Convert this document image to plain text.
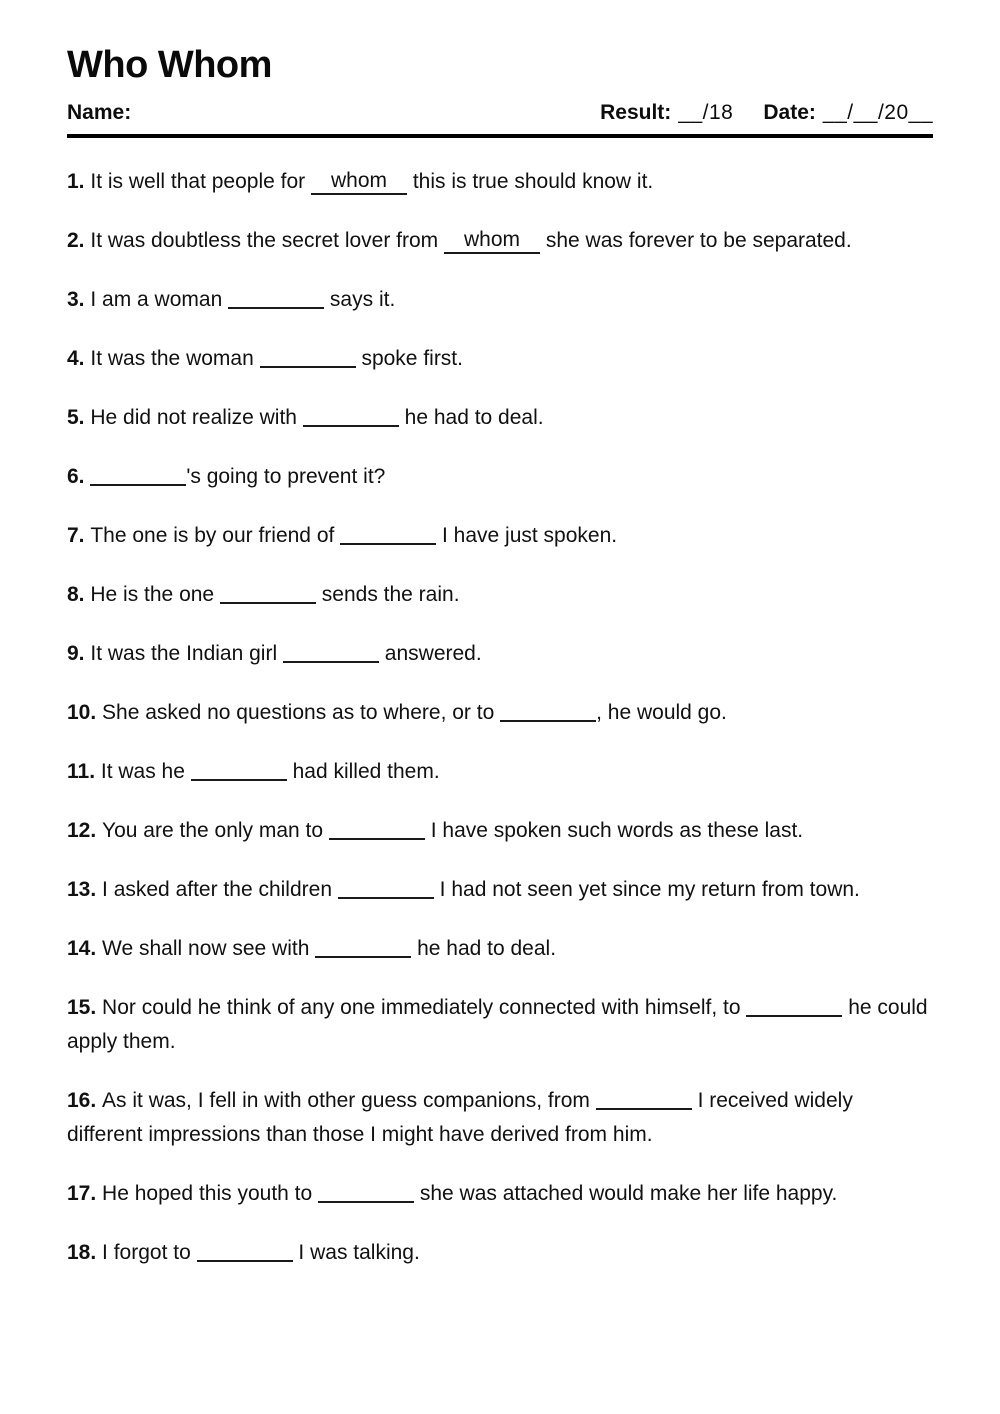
Who Whom
Name:	Result: __/18 Date: __/__/20__

1. It is well that people for whom this is true should know it.

2. It was doubtless the secret lover from whom she was forever to be separated.

3. I am a woman	says it.

4. It was the woman	spoke first.

5. He did not realize with	he had to deal.

6.	's going to prevent it?

7. The one is by our friend of	I have just spoken.

8. He is the one	sends the rain.

9. It was the Indian girl	answered.

10. She asked no questions as to where, or to	, he would go.

11. It was he	had killed them.

12. You are the only man to	I have spoken such words as these last.

13. I asked after the children	I had not seen yet since my return from town.

14. We shall now see with	he had to deal.

15. Nor could he think of any one immediately connected with himself, to	he could apply them.

16. As it was, I fell in with other guess companions, from	I received widely different impressions than those I might have derived from him.

17. He hoped this youth to	she was attached would make her life happy.

18. I forgot to	I was talking.
